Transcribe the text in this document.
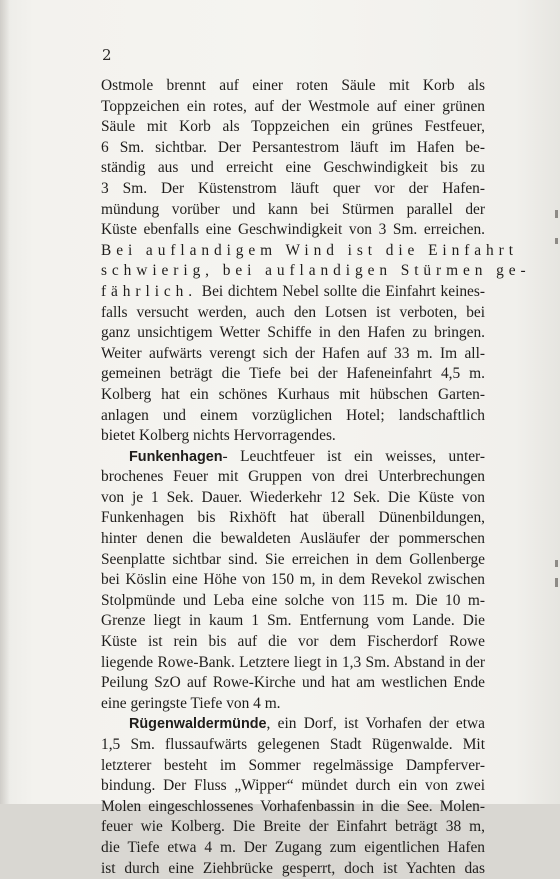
2
Ostmole brennt auf einer roten Säule mit Korb als
Toppzeichen ein rotes, auf der Westmole auf einer grünen
Säule mit Korb als Toppzeichen ein grünes Festfeuer,
6 Sm. sichtbar. Der Persantestrom läuft im Hafen be-
ständig aus und erreicht eine Geschwindigkeit bis zu
3 Sm. Der Küstenstrom läuft quer vor der Hafen-
mündung vorüber und kann bei Stürmen parallel der
Küste ebenfalls eine Geschwindigkeit von 3 Sm. erreichen.
Bei auflandigem Wind ist die Einfahrt
schwierig, bei auflandigen Stürmen ge-
fährlich. Bei dichtem Nebel sollte die Einfahrt keines-
falls versucht werden, auch den Lotsen ist verboten, bei
ganz unsichtigem Wetter Schiffe in den Hafen zu bringen.
Weiter aufwärts verengt sich der Hafen auf 33 m. Im all-
gemeinen beträgt die Tiefe bei der Hafeneinfahrt 4,5 m.
Kolberg hat ein schönes Kurhaus mit hübschen Garten-
anlagen und einem vorzüglichen Hotel; landschaftlich
bietet Kolberg nichts Hervorragendes.
Funkenhagen- Leuchtfeuer ist ein weisses, unter-
brochenes Feuer mit Gruppen von drei Unterbrechungen
von je 1 Sek. Dauer. Wiederkehr 12 Sek. Die Küste von
Funkenhagen bis Rixhöft hat überall Dünenbildungen,
hinter denen die bewaldeten Ausläufer der pommerschen
Seenplatte sichtbar sind. Sie erreichen in dem Gollenberge
bei Köslin eine Höhe von 150 m, in dem Revekol zwischen
Stolpmünde und Leba eine solche von 115 m. Die 10 m-
Grenze liegt in kaum 1 Sm. Entfernung vom Lande. Die
Küste ist rein bis auf die vor dem Fischerdorf Rowe
liegende Rowe-Bank. Letztere liegt in 1,3 Sm. Abstand in der
Peilung SzO auf Rowe-Kirche und hat am westlichen Ende
eine geringste Tiefe von 4 m.
Rügenwaldermünde, ein Dorf, ist Vorhafen der etwa
1,5 Sm. flussaufwärts gelegenen Stadt Rügenwalde. Mit
letzterer besteht im Sommer regelmässige Dampferver-
bindung. Der Fluss „Wipper“ mündet durch ein von zwei
Molen eingeschlossenes Vorhafenbassin in die See. Molen-
feuer wie Kolberg. Die Breite der Einfahrt beträgt 38 m,
die Tiefe etwa 4 m. Der Zugang zum eigentlichen Hafen
ist durch eine Ziehbrücke gesperrt, doch ist Yachten das
